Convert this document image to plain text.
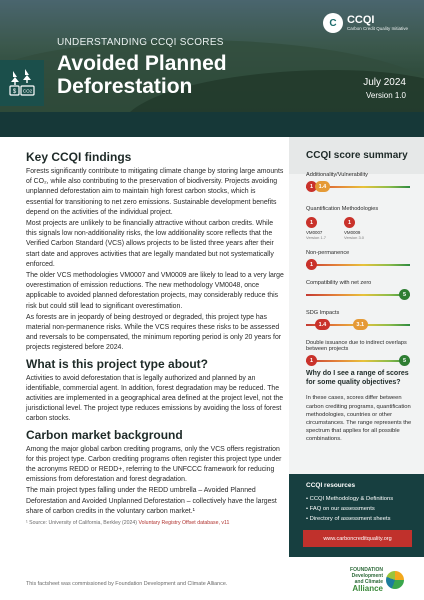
$ CO2
UNDERSTANDING CCQI SCORES
Avoided Planned Deforestation	July 2024
Version 1.0
C CCQI
Carbon Credit Quality Initiative
Key CCQI findings

Forests significantly contribute to mitigating climate change by storing large amounts of CO₂, while also contributing to the preservation of biodiversity. Projects avoiding unplanned deforestation aim to maintain high forest carbon stocks, which is essential for transitioning to net zero emissions. Sustainable development benefits depend on the activities of the individual project.

Most projects are unlikely to be financially attractive without carbon credits. While this signals low non-additionality risks, the low additionality score reflects that the Verified Carbon Standard (VCS) allows projects to be listed three years after their start date and approves activities that are legally mandated but not systematically enforced.

The older VCS methodologies VM0007 and VM0009 are likely to lead to a very large overestimation of emission reductions. The new methodology VM0048, once applicable to avoided planned deforestation projects, may considerably reduce this risk but could still lead to significant overestimation.

As forests are in jeopardy of being destroyed or degraded, this project type has material non-permanence risks. While the VCS requires these risks to be assessed and reversals to be compensated, the minimum reporting period is only 20 years for projects registered before 2024.

What is this project type about?

Activities to avoid deforestation that is legally authorized and planned by an identifiable, commercial agent. In addition, forest degradation may be reduced. The activities are implemented in a geographical area defined at the project level, not the jurisdictional level. The project type reduces emissions by avoiding the loss of forest carbon stocks.

Carbon market background

Among the major global carbon crediting programs, only the VCS offers registration for this project type. Carbon crediting programs often register this project type under the acronyms REDD or REDD+, referring to the UNFCCC framework for reducing emissions from deforestation and forest degradation.

The main project types falling under the REDD umbrella – Avoided Planned Deforestation and Avoided Unplanned Deforestation – collectively have the largest share of carbon credits in the voluntary carbon market.¹

¹ Source: University of California, Berkley (2024) Voluntary Registry Offset database, v11
This factsheet was commissioned by Foundation Development and Climate Alliance.
FOUNDATION
Development
and Climate
Alliance
CCQI score summary
Additionality/Vulnerability
1	1.4
Quantification Methodologies
1
VM0007
Version 1.7
1
VM0009
Version 3.0
Non-permanence
1
Compatibility with net zero
5
SDG Impacts
1.4	3.1
Double issuance due to indirect overlaps between projects
1	5
Why do I see a range of scores for some quality objectives?

In these cases, scores differ between carbon crediting programs, quantification methodologies, countries or other circumstances. The range represents the spectrum that applies for all possible combinations.

CCQI resources
• CCQI Methodology & Definitions
• FAQ on our assessments
• Directory of assessment sheets
www.carboncreditquality.org
